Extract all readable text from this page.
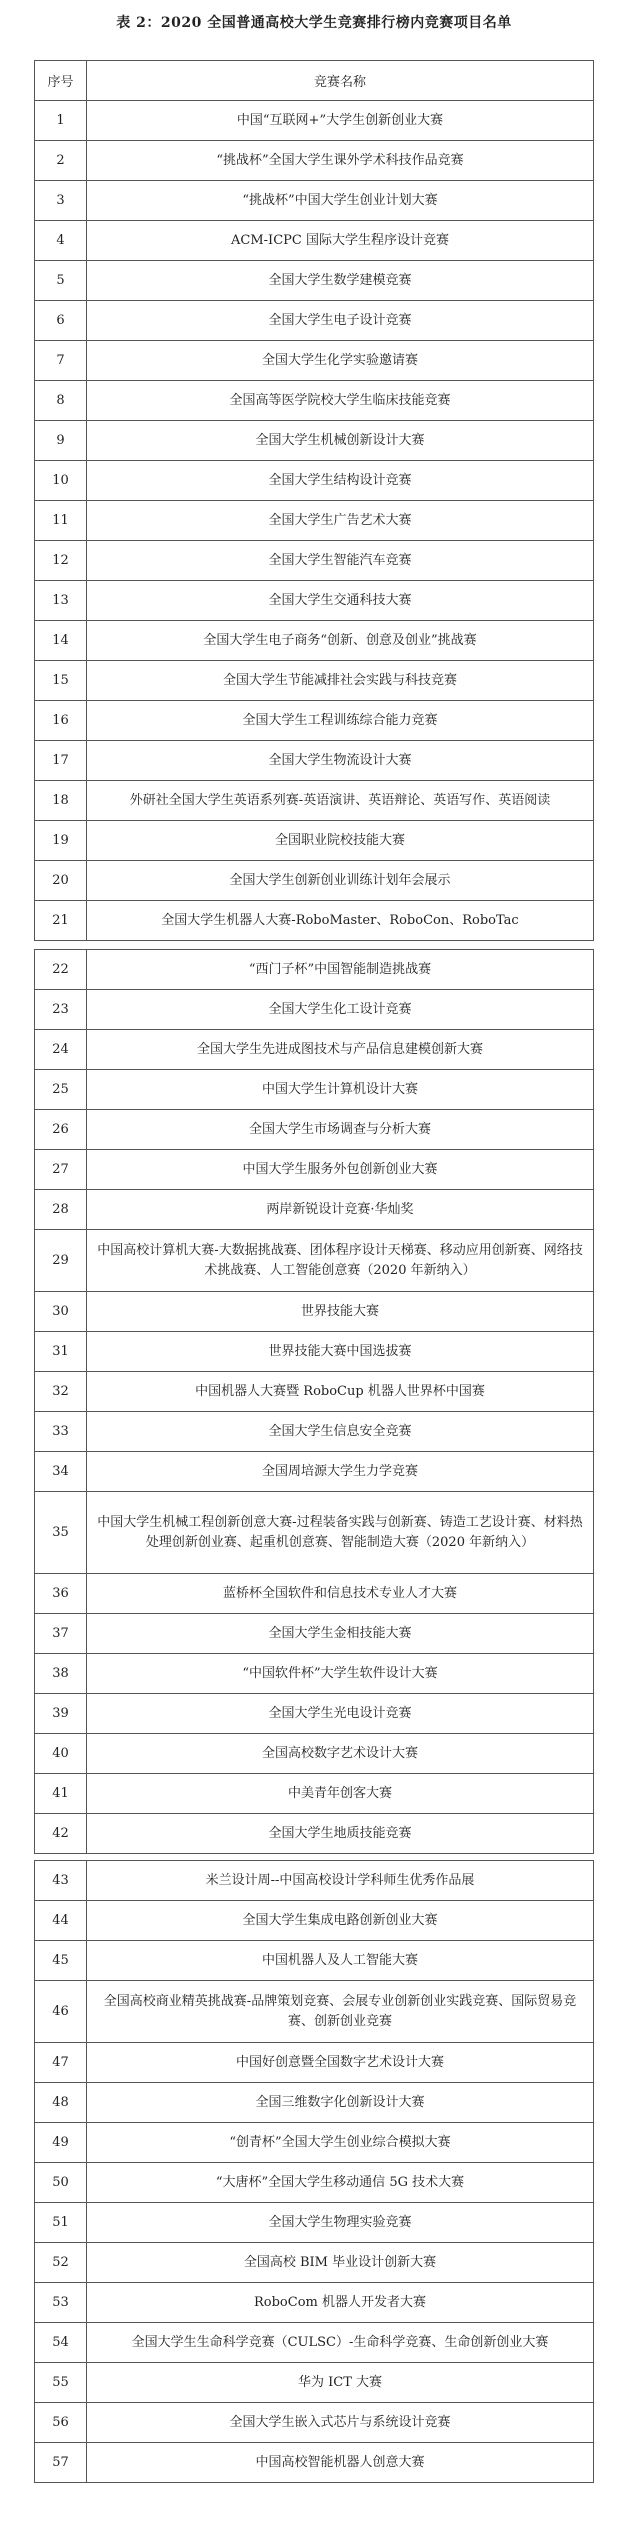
表 2：2020 全国普通高校大学生竞赛排行榜内竞赛项目名单
序号	竞赛名称
1	中国“互联网+”大学生创新创业大赛
2	“挑战杯”全国大学生课外学术科技作品竞赛
3	“挑战杯”中国大学生创业计划大赛
4	ACM-ICPC 国际大学生程序设计竞赛
5	全国大学生数学建模竞赛
6	全国大学生电子设计竞赛
7	全国大学生化学实验邀请赛
8	全国高等医学院校大学生临床技能竞赛
9	全国大学生机械创新设计大赛
10	全国大学生结构设计竞赛
11	全国大学生广告艺术大赛
12	全国大学生智能汽车竞赛
13	全国大学生交通科技大赛
14	全国大学生电子商务“创新、创意及创业”挑战赛
15	全国大学生节能减排社会实践与科技竞赛
16	全国大学生工程训练综合能力竞赛
17	全国大学生物流设计大赛
18	外研社全国大学生英语系列赛-英语演讲、英语辩论、英语写作、英语阅读
19	全国职业院校技能大赛
20	全国大学生创新创业训练计划年会展示
21	全国大学生机器人大赛-RoboMaster、RoboCon、RoboTac
22	“西门子杯”中国智能制造挑战赛
23	全国大学生化工设计竞赛
24	全国大学生先进成图技术与产品信息建模创新大赛
25	中国大学生计算机设计大赛
26	全国大学生市场调查与分析大赛
27	中国大学生服务外包创新创业大赛
28	两岸新锐设计竞赛·华灿奖
29	中国高校计算机大赛-大数据挑战赛、团体程序设计天梯赛、移动应用创新赛、网络技术挑战赛、人工智能创意赛（2020 年新纳入）
30	世界技能大赛
31	世界技能大赛中国选拔赛
32	中国机器人大赛暨 RoboCup 机器人世界杯中国赛
33	全国大学生信息安全竞赛
34	全国周培源大学生力学竞赛
35	中国大学生机械工程创新创意大赛-过程装备实践与创新赛、铸造工艺设计赛、材料热处理创新创业赛、起重机创意赛、智能制造大赛（2020 年新纳入）
36	蓝桥杯全国软件和信息技术专业人才大赛
37	全国大学生金相技能大赛
38	“中国软件杯”大学生软件设计大赛
39	全国大学生光电设计竞赛
40	全国高校数字艺术设计大赛
41	中美青年创客大赛
42	全国大学生地质技能竞赛
43	米兰设计周--中国高校设计学科师生优秀作品展
44	全国大学生集成电路创新创业大赛
45	中国机器人及人工智能大赛
46	全国高校商业精英挑战赛-品牌策划竞赛、会展专业创新创业实践竞赛、国际贸易竞赛、创新创业竞赛
47	中国好创意暨全国数字艺术设计大赛
48	全国三维数字化创新设计大赛
49	“创青杯”全国大学生创业综合模拟大赛
50	“大唐杯”全国大学生移动通信 5G 技术大赛
51	全国大学生物理实验竞赛
52	全国高校 BIM 毕业设计创新大赛
53	RoboCom 机器人开发者大赛
54	全国大学生生命科学竞赛（CULSC）-生命科学竞赛、生命创新创业大赛
55	华为 ICT 大赛
56	全国大学生嵌入式芯片与系统设计竞赛
57	中国高校智能机器人创意大赛
